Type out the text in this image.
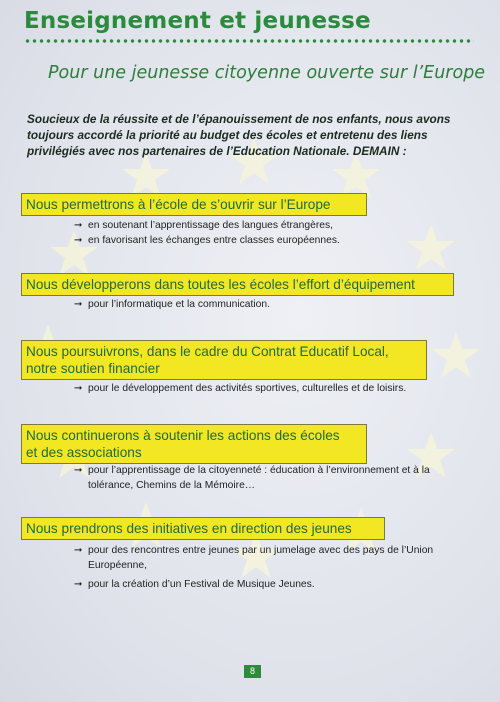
Enseignement et jeunesse
Pour une jeunesse citoyenne ouverte sur l’Europe

Soucieux de la réussite et de l’épanouissement de nos enfants, nous avons
toujours accordé la priorité au budget des écoles et entretenu des liens
privilégiés avec nos partenaires de l’Education Nationale. DEMAIN :

Nous permettrons à l’école de s’ouvrir sur l’Europe
➞ en soutenant l’apprentissage des langues étrangères,
➞ en favorisant les échanges entre classes européennes.
Nous développerons dans toutes les écoles l’effort d’équipement
➞ pour l’informatique et la communication.
Nous poursuivrons, dans le cadre du Contrat Educatif Local,
notre soutien financier
➞ pour le développement des activités sportives, culturelles et de loisirs.
Nous continuerons à soutenir les actions des écoles
et des associations
➞ pour l’apprentissage de la citoyenneté : éducation à l’environnement et à la
tolérance, Chemins de la Mémoire…
Nous prendrons des initiatives en direction des jeunes
➞ pour des rencontres entre jeunes par un jumelage avec des pays de l’Union
Européenne,
➞ pour la création d’un Festival de Musique Jeunes.
8
